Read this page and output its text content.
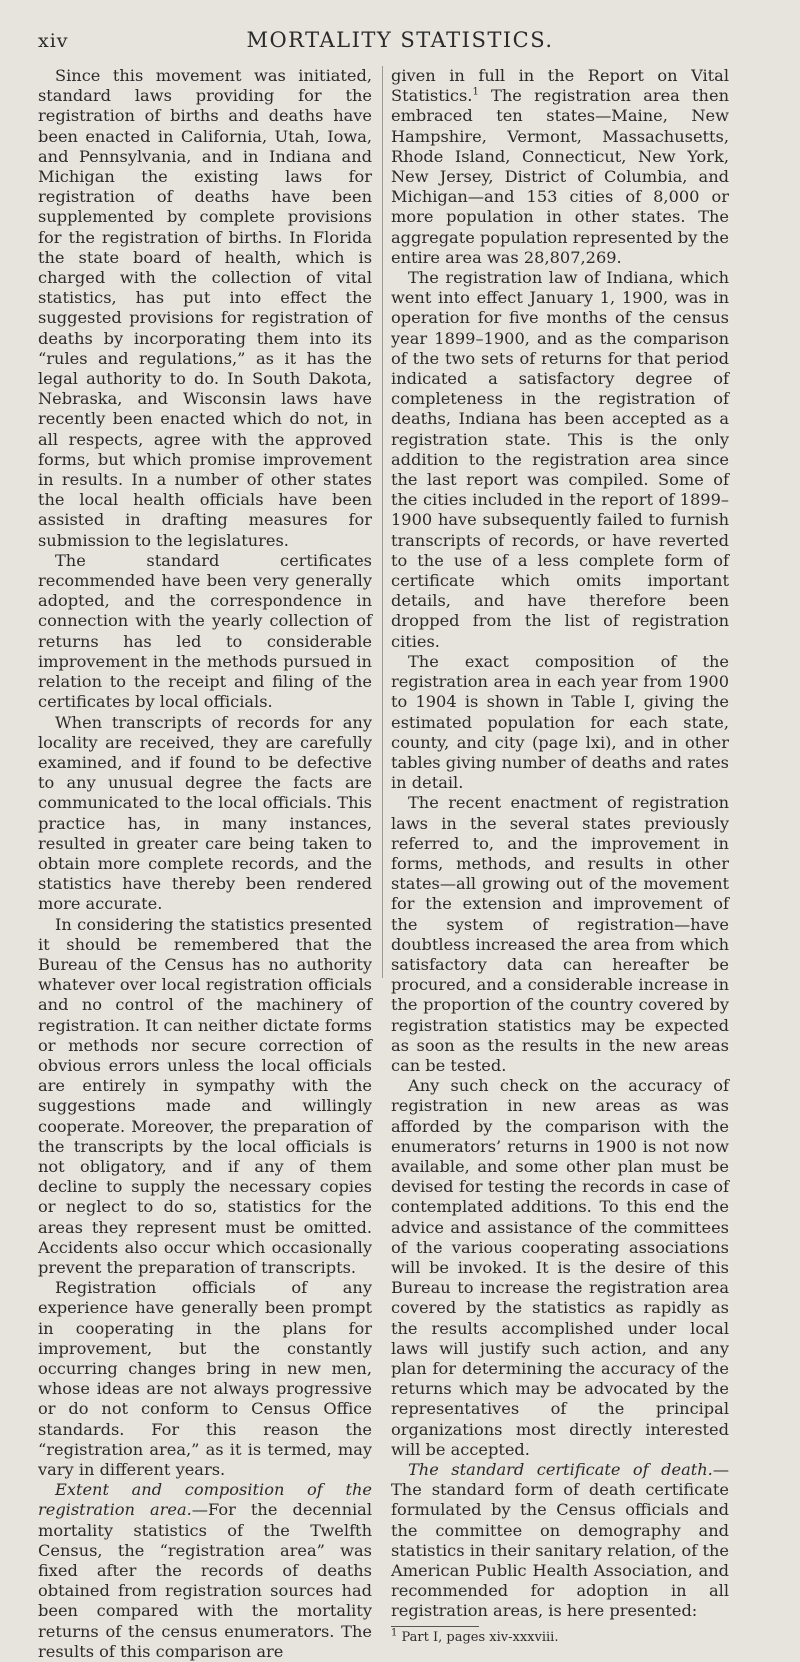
xiv	MORTALITY STATISTICS.

Since this movement was initiated, standard laws providing for the registration of births and deaths have been enacted in California, Utah, Iowa, and Pennsylvania, and in Indiana and Michigan the existing laws for registration of deaths have been supplemented by complete provisions for the registration of births. In Florida the state board of health, which is charged with the collection of vital statistics, has put into effect the suggested provisions for registration of deaths by incorporating them into its “rules and regulations,” as it has the legal authority to do. In South Dakota, Nebraska, and Wisconsin laws have recently been enacted which do not, in all respects, agree with the approved forms, but which promise improvement in results. In a number of other states the local health officials have been assisted in drafting measures for submission to the legislatures.

The standard certificates recommended have been very generally adopted, and the correspondence in connection with the yearly collection of returns has led to considerable improvement in the methods pursued in relation to the receipt and filing of the certificates by local officials.

When transcripts of records for any locality are received, they are carefully examined, and if found to be defective to any unusual degree the facts are communicated to the local officials. This practice has, in many instances, resulted in greater care being taken to obtain more complete records, and the statistics have thereby been rendered more accurate.

In considering the statistics presented it should be remembered that the Bureau of the Census has no authority whatever over local registration officials and no control of the machinery of registration. It can neither dictate forms or methods nor secure correction of obvious errors unless the local officials are entirely in sympathy with the suggestions made and willingly cooperate. Moreover, the preparation of the transcripts by the local officials is not obligatory, and if any of them decline to supply the necessary copies or neglect to do so, statistics for the areas they represent must be omitted. Accidents also occur which occasionally prevent the preparation of transcripts.

Registration officials of any experience have generally been prompt in cooperating in the plans for improvement, but the constantly occurring changes bring in new men, whose ideas are not always progressive or do not conform to Census Office standards. For this reason the “registration area,” as it is termed, may vary in different years.

Extent and composition of the registration area.—For the decennial mortality statistics of the Twelfth Census, the “registration area” was fixed after the records of deaths obtained from registration sources had been compared with the mortality returns of the census enumerators. The results of this comparison are

given in full in the Report on Vital Statistics.$^1$ The registration area then embraced ten states—Maine, New Hampshire, Vermont, Massachusetts, Rhode Island, Connecticut, New York, New Jersey, District of Columbia, and Michigan—and 153 cities of 8,000 or more population in other states. The aggregate population represented by the entire area was 28,807,269.

The registration law of Indiana, which went into effect January 1, 1900, was in operation for five months of the census year 1899–1900, and as the comparison of the two sets of returns for that period indicated a satisfactory degree of completeness in the registration of deaths, Indiana has been accepted as a registration state. This is the only addition to the registration area since the last report was compiled. Some of the cities included in the report of 1899–1900 have subsequently failed to furnish transcripts of records, or have reverted to the use of a less complete form of certificate which omits important details, and have therefore been dropped from the list of registration cities.

The exact composition of the registration area in each year from 1900 to 1904 is shown in Table I, giving the estimated population for each state, county, and city (page lxi), and in other tables giving number of deaths and rates in detail.

The recent enactment of registration laws in the several states previously referred to, and the improvement in forms, methods, and results in other states—all growing out of the movement for the extension and improvement of the system of registration—have doubtless increased the area from which satisfactory data can hereafter be procured, and a considerable increase in the proportion of the country covered by registration statistics may be expected as soon as the results in the new areas can be tested.

Any such check on the accuracy of registration in new areas as was afforded by the comparison with the enumerators’ returns in 1900 is not now available, and some other plan must be devised for testing the records in case of contemplated additions. To this end the advice and assistance of the committees of the various cooperating associations will be invoked. It is the desire of this Bureau to increase the registration area covered by the statistics as rapidly as the results accomplished under local laws will justify such action, and any plan for determining the accuracy of the returns which may be advocated by the representatives of the principal organizations most directly interested will be accepted.

The standard certificate of death.—The standard form of death certificate formulated by the Census officials and the committee on demography and statistics in their sanitary relation, of the American Public Health Association, and recommended for adoption in all registration areas, is here presented:

$^1$ Part I, pages xiv-xxxviii.
